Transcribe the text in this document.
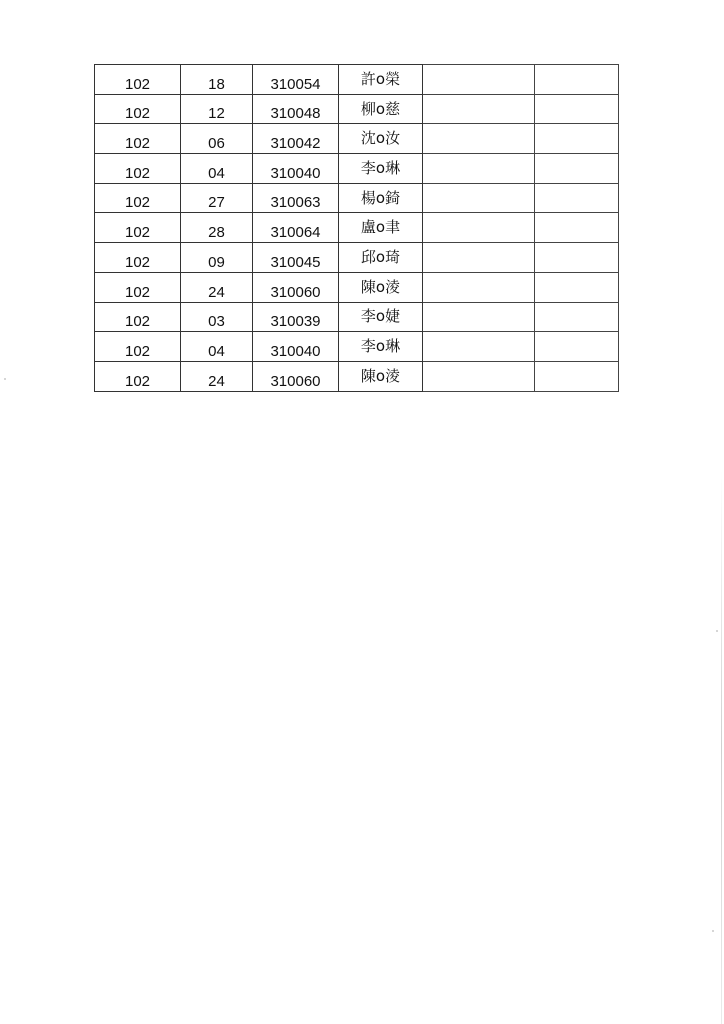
102	18	310054	許o榮		
102	12	310048	柳o慈		
102	06	310042	沈o汝		
102	04	310040	李o琳		
102	27	310063	楊o錡		
102	28	310064	盧o聿		
102	09	310045	邱o琦		
102	24	310060	陳o淩		
102	03	310039	李o婕		
102	04	310040	李o琳		
102	24	310060	陳o淩		
